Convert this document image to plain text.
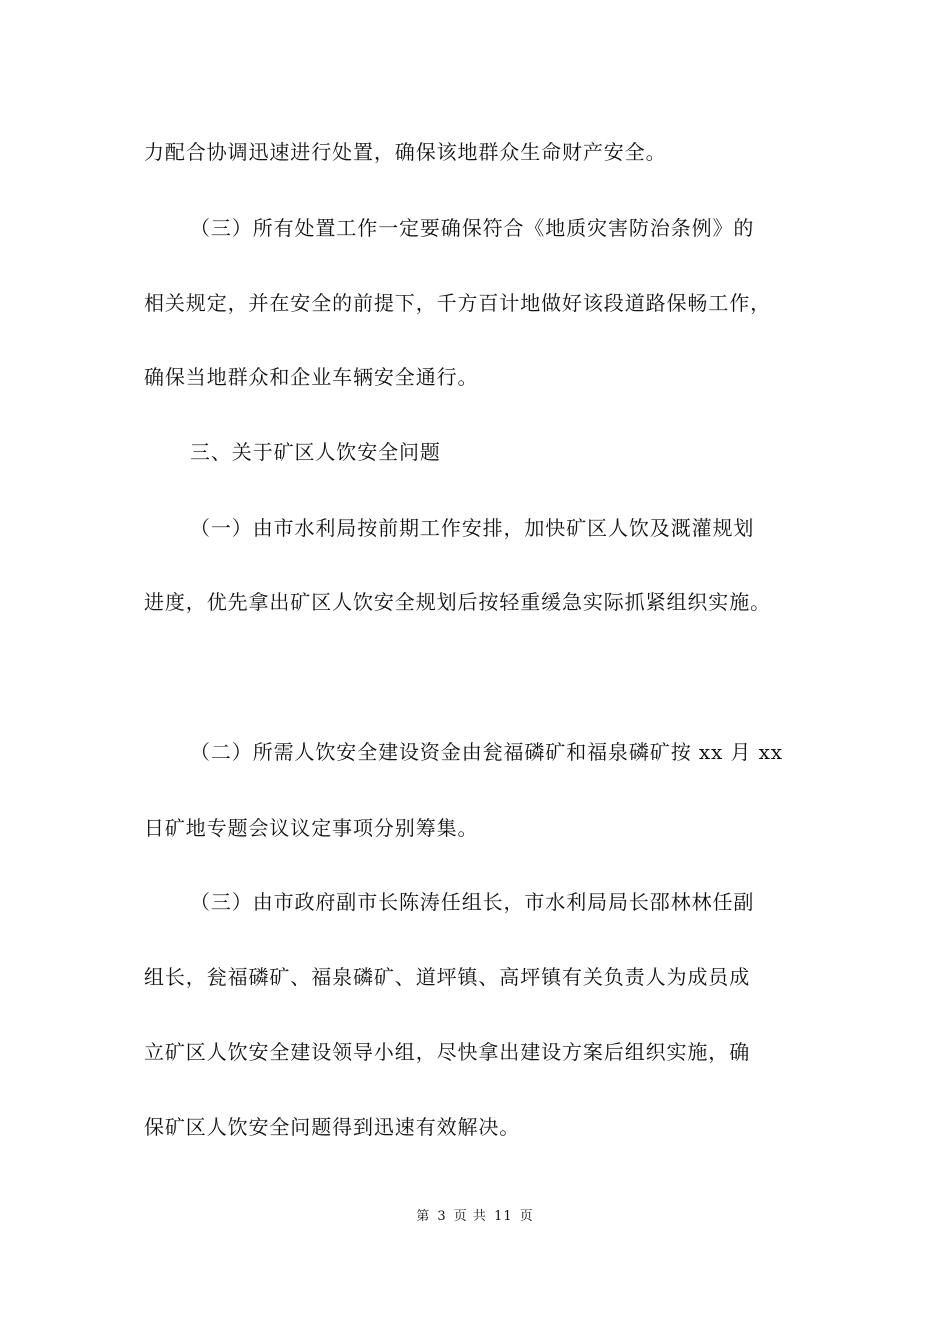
力配合协调迅速进行处置，确保该地群众生命财产安全。

（三）所有处置工作一定要确保符合《地质灾害防治条例》的

相关规定，并在安全的前提下，千方百计地做好该段道路保畅工作，

确保当地群众和企业车辆安全通行。

三、关于矿区人饮安全问题

（一）由市水利局按前期工作安排，加快矿区人饮及溉灌规划

进度，优先拿出矿区人饮安全规划后按轻重缓急实际抓紧组织实施。

（二）所需人饮安全建设资金由瓮福磷矿和福泉磷矿按 xx 月 xx

日矿地专题会议议定事项分别筹集。

（三）由市政府副市长陈涛任组长，市水利局局长邵林林任副

组长，瓮福磷矿、福泉磷矿、道坪镇、高坪镇有关负责人为成员成

立矿区人饮安全建设领导小组，尽快拿出建设方案后组织实施，确

保矿区人饮安全问题得到迅速有效解决。

第 3 页 共 11 页
